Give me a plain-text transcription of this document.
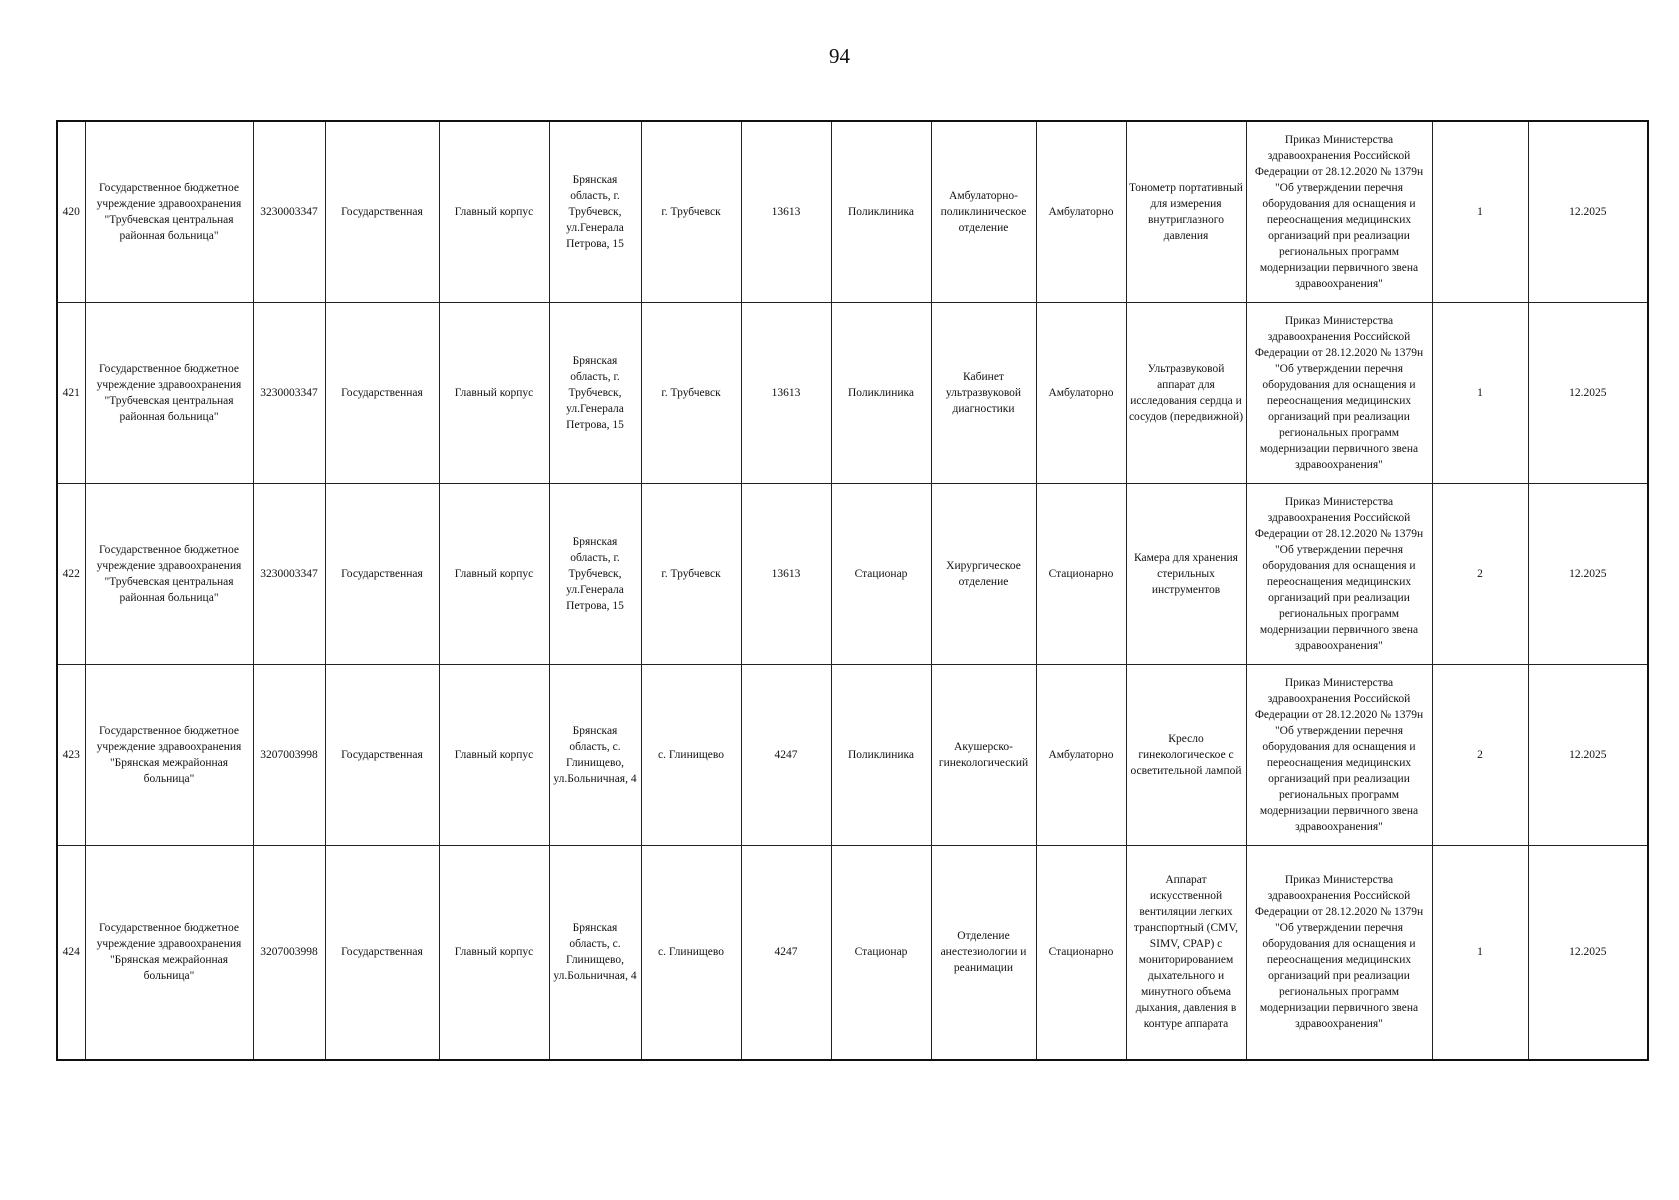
94
420	Государственное бюджетное учреждение здравоохранения "Трубчевская центральная районная больница"	3230003347	Государственная	Главный корпус	Брянская область, г. Трубчевск, ул.Генерала Петрова, 15	г. Трубчевск	13613	Поликлиника	Амбулаторно-поликлиническое отделение	Амбулаторно	Тонометр портативный для измерения внутриглазного давления	Приказ Министерства здравоохранения Российской Федерации от 28.12.2020 № 1379н "Об утверждении перечня оборудования для оснащения и переоснащения медицинских организаций при реализации региональных программ модернизации первичного звена здравоохранения"	1	12.2025
421	Государственное бюджетное учреждение здравоохранения "Трубчевская центральная районная больница"	3230003347	Государственная	Главный корпус	Брянская область, г. Трубчевск, ул.Генерала Петрова, 15	г. Трубчевск	13613	Поликлиника	Кабинет ультразвуковой диагностики	Амбулаторно	Ультразвуковой аппарат для исследования сердца и сосудов (передвижной)	Приказ Министерства здравоохранения Российской Федерации от 28.12.2020 № 1379н "Об утверждении перечня оборудования для оснащения и переоснащения медицинских организаций при реализации региональных программ модернизации первичного звена здравоохранения"	1	12.2025
422	Государственное бюджетное учреждение здравоохранения "Трубчевская центральная районная больница"	3230003347	Государственная	Главный корпус	Брянская область, г. Трубчевск, ул.Генерала Петрова, 15	г. Трубчевск	13613	Стационар	Хирургическое отделение	Стационарно	Камера для хранения стерильных инструментов	Приказ Министерства здравоохранения Российской Федерации от 28.12.2020 № 1379н "Об утверждении перечня оборудования для оснащения и переоснащения медицинских организаций при реализации региональных программ модернизации первичного звена здравоохранения"	2	12.2025
423	Государственное бюджетное учреждение здравоохранения "Брянская межрайонная больница"	3207003998	Государственная	Главный корпус	Брянская область, с. Глинищево, ул.Больничная, 4	с. Глинищево	4247	Поликлиника	Акушерско-гинекологический	Амбулаторно	Кресло гинекологическое с осветительной лампой	Приказ Министерства здравоохранения Российской Федерации от 28.12.2020 № 1379н "Об утверждении перечня оборудования для оснащения и переоснащения медицинских организаций при реализации региональных программ модернизации первичного звена здравоохранения"	2	12.2025
424	Государственное бюджетное учреждение здравоохранения "Брянская межрайонная больница"	3207003998	Государственная	Главный корпус	Брянская область, с. Глинищево, ул.Больничная, 4	с. Глинищево	4247	Стационар	Отделение анестезиологии и реанимации	Стационарно	Аппарат искусственной вентиляции легких транспортный (CMV, SIMV, CPAP) с мониторированием дыхательного и минутного объема дыхания, давления в контуре аппарата	Приказ Министерства здравоохранения Российской Федерации от 28.12.2020 № 1379н "Об утверждении перечня оборудования для оснащения и переоснащения медицинских организаций при реализации региональных программ модернизации первичного звена здравоохранения"	1	12.2025
